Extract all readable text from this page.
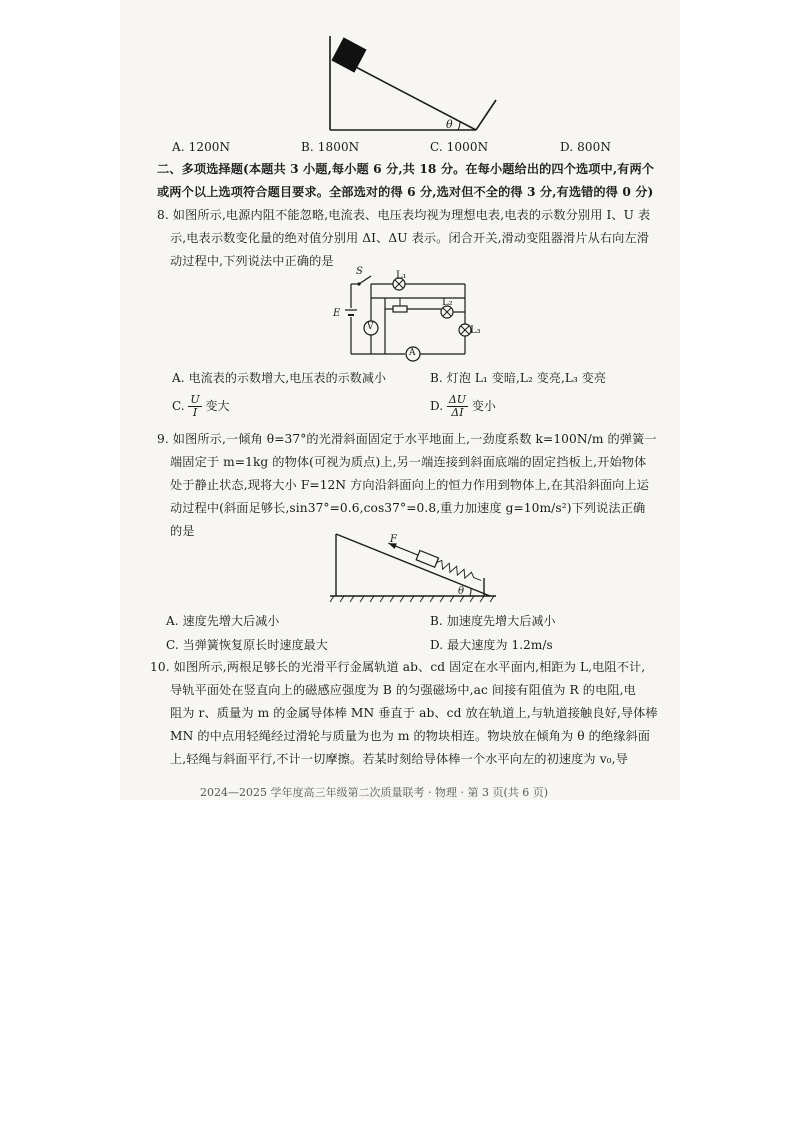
θ
A. 1200N	B. 1800N	C. 1000N	D. 800N
二、多项选择题(本题共 3 小题,每小题 6 分,共 18 分。在每小题给出的四个选项中,有两个
或两个以上选项符合题目要求。全部选对的得 6 分,选对但不全的得 3 分,有选错的得 0 分)
8. 如图所示,电源内阻不能忽略,电流表、电压表均视为理想电表,电表的示数分别用 I、U 表
示,电表示数变化量的绝对值分别用 ΔI、ΔU 表示。闭合开关,滑动变阻器滑片从右向左滑
动过程中,下列说法中正确的是
S
E
L₁
L₂
L₃
V
A
A. 电流表的示数增大,电压表的示数减小	B. 灯泡 L₁ 变暗,L₂ 变亮,L₃ 变亮
C. $\frac{U}{I}$ 变大	D. $\frac{\Delta U}{\Delta I}$ 变小
9. 如图所示,一倾角 θ=37°的光滑斜面固定于水平地面上,一劲度系数 k=100N/m 的弹簧一
端固定于 m=1kg 的物体(可视为质点)上,另一端连接到斜面底端的固定挡板上,开始物体
处于静止状态,现将大小 F=12N 方向沿斜面向上的恒力作用到物体上,在其沿斜面向上运
动过程中(斜面足够长,sin37°=0.6,cos37°=0.8,重力加速度 g=10m/s²)下列说法正确
的是
F
θ
A. 速度先增大后减小	B. 加速度先增大后减小
C. 当弹簧恢复原长时速度最大	D. 最大速度为 1.2m/s
10. 如图所示,两根足够长的光滑平行金属轨道 ab、cd 固定在水平面内,相距为 L,电阻不计,
导轨平面处在竖直向上的磁感应强度为 B 的匀强磁场中,ac 间接有阻值为 R 的电阻,电
阻为 r、质量为 m 的金属导体棒 MN 垂直于 ab、cd 放在轨道上,与轨道接触良好,导体棒
MN 的中点用轻绳经过滑轮与质量为也为 m 的物块相连。物块放在倾角为 θ 的绝缘斜面
上,轻绳与斜面平行,不计一切摩擦。若某时刻给导体棒一个水平向左的初速度为 v₀,导
2024—2025 学年度高三年级第二次质量联考 · 物理 · 第 3 页(共 6 页)
